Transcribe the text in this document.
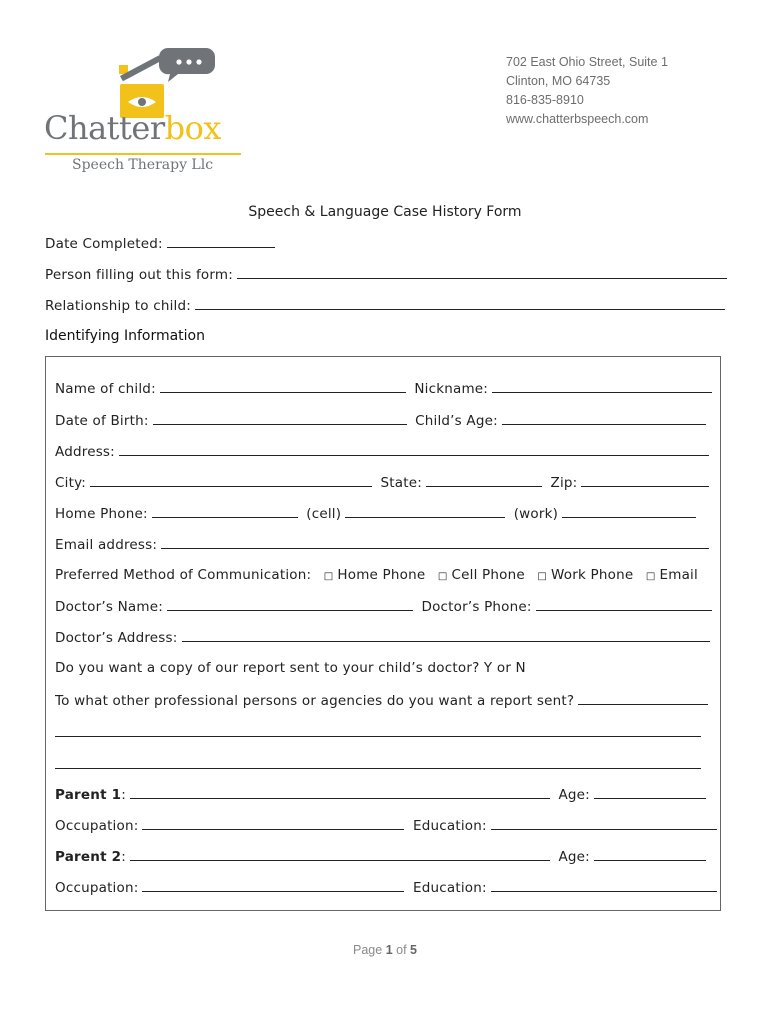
Chatterbox
Speech Therapy Llc
702 East Ohio Street, Suite 1
Clinton, MO 64735
816-835-8910
www.chatterbspeech.com
Speech & Language Case History Form
Date Completed:
Person filling out this form:
Relationship to child:
Identifying Information
Name of child:	Nickname:
Date of Birth:	Child’s Age:
Address:
City:	State:	Zip:
Home Phone:	(cell)	(work)
Email address:
Preferred Method of Communication: □ Home Phone □ Cell Phone □ Work Phone □ Email
Doctor’s Name:	Doctor’s Phone:
Doctor’s Address:
Do you want a copy of our report sent to your child’s doctor? Y or N
To what other professional persons or agencies do you want a report sent?
Parent 1:	Age:
Occupation:	Education:
Parent 2:	Age:
Occupation:	Education:
Page 1 of 5
